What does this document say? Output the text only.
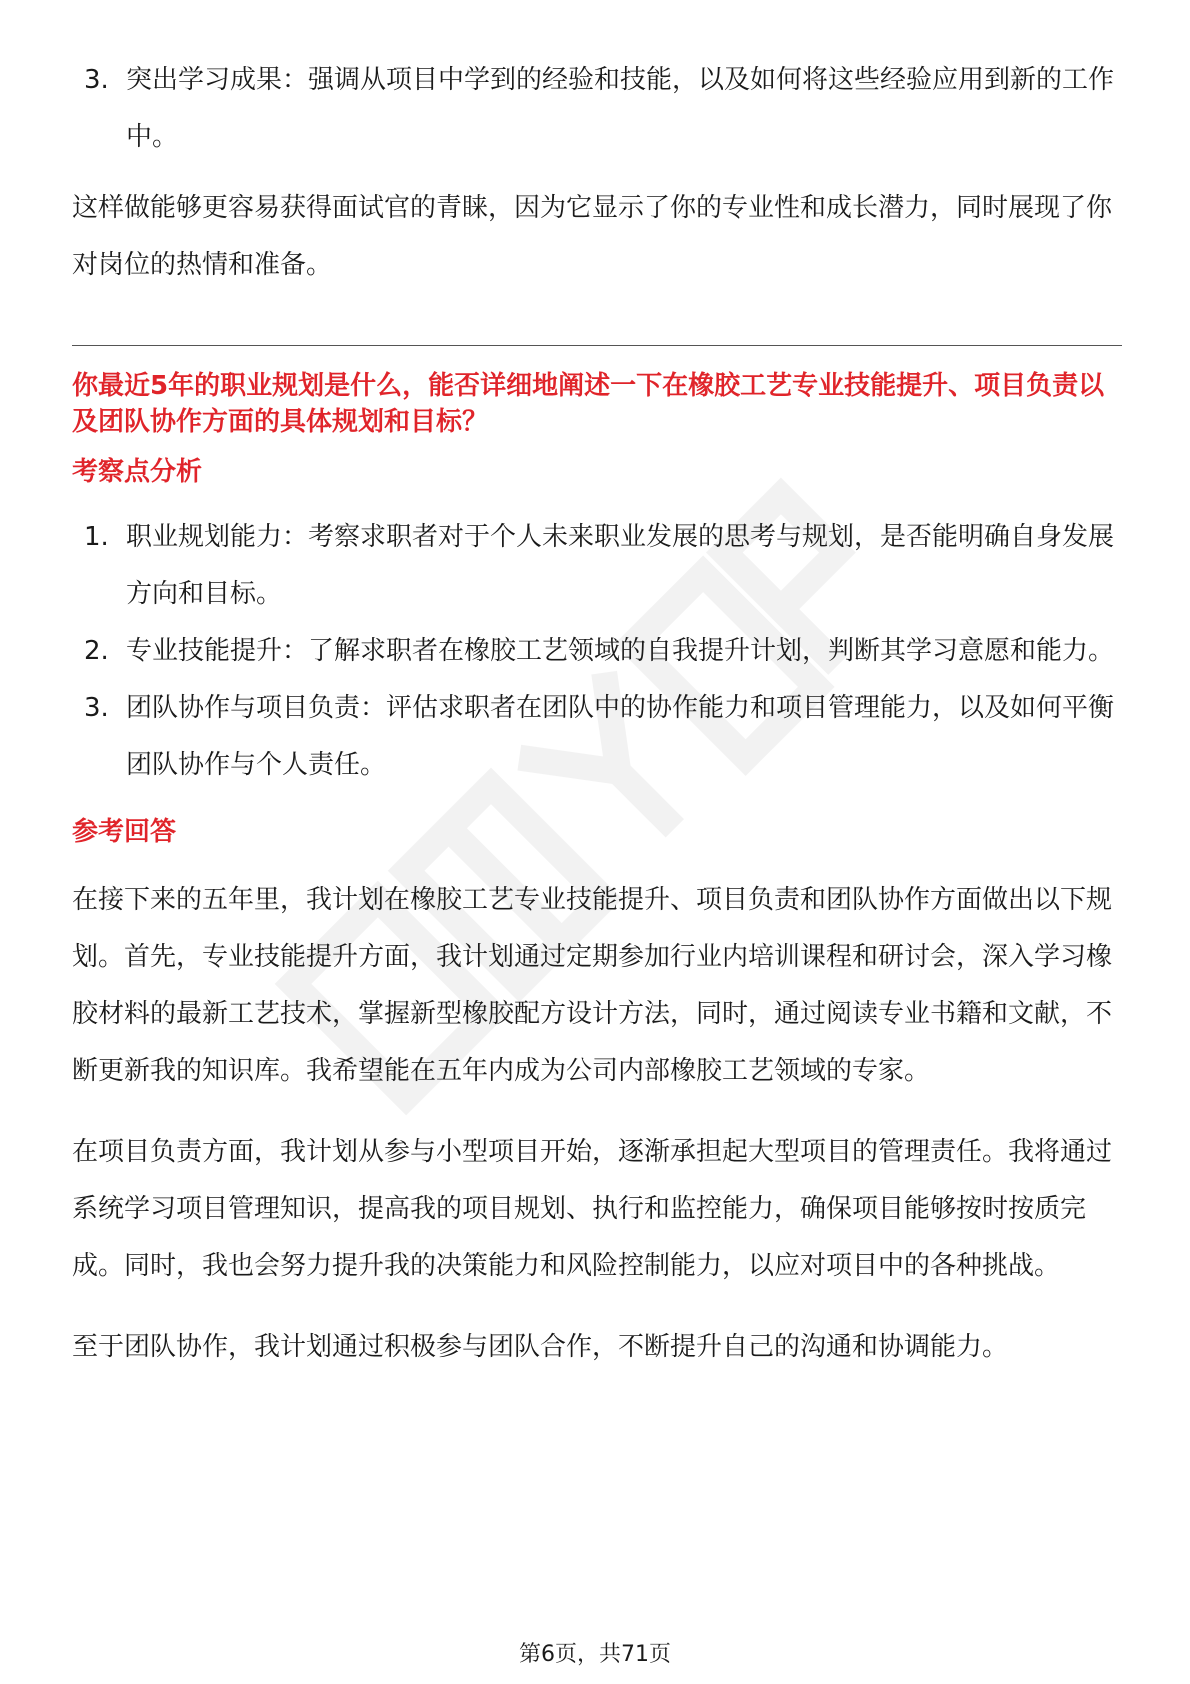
3. 突出学习成果：强调从项目中学到的经验和技能，以及如何将这些经验应用到新的工作中。

这样做能够更容易获得面试官的青睐，因为它显示了你的专业性和成长潜力，同时展现了你对岗位的热情和准备。

你最近5年的职业规划是什么，能否详细地阐述一下在橡胶工艺专业技能提升、项目负责以及团队协作方面的具体规划和目标？

考察点分析

1. 职业规划能力：考察求职者对于个人未来职业发展的思考与规划，是否能明确自身发展方向和目标。
2. 专业技能提升：了解求职者在橡胶工艺领域的自我提升计划，判断其学习意愿和能力。
3. 团队协作与项目负责：评估求职者在团队中的协作能力和项目管理能力，以及如何平衡团队协作与个人责任。

参考回答

在接下来的五年里，我计划在橡胶工艺专业技能提升、项目负责和团队协作方面做出以下规划。首先，专业技能提升方面，我计划通过定期参加行业内培训课程和研讨会，深入学习橡胶材料的最新工艺技术，掌握新型橡胶配方设计方法，同时，通过阅读专业书籍和文献，不断更新我的知识库。我希望能在五年内成为公司内部橡胶工艺领域的专家。

在项目负责方面，我计划从参与小型项目开始，逐渐承担起大型项目的管理责任。我将通过系统学习项目管理知识，提高我的项目规划、执行和监控能力，确保项目能够按时按质完成。同时，我也会努力提升我的决策能力和风险控制能力，以应对项目中的各种挑战。

至于团队协作，我计划通过积极参与团队合作，不断提升自己的沟通和协调能力。

第6页，共71页
